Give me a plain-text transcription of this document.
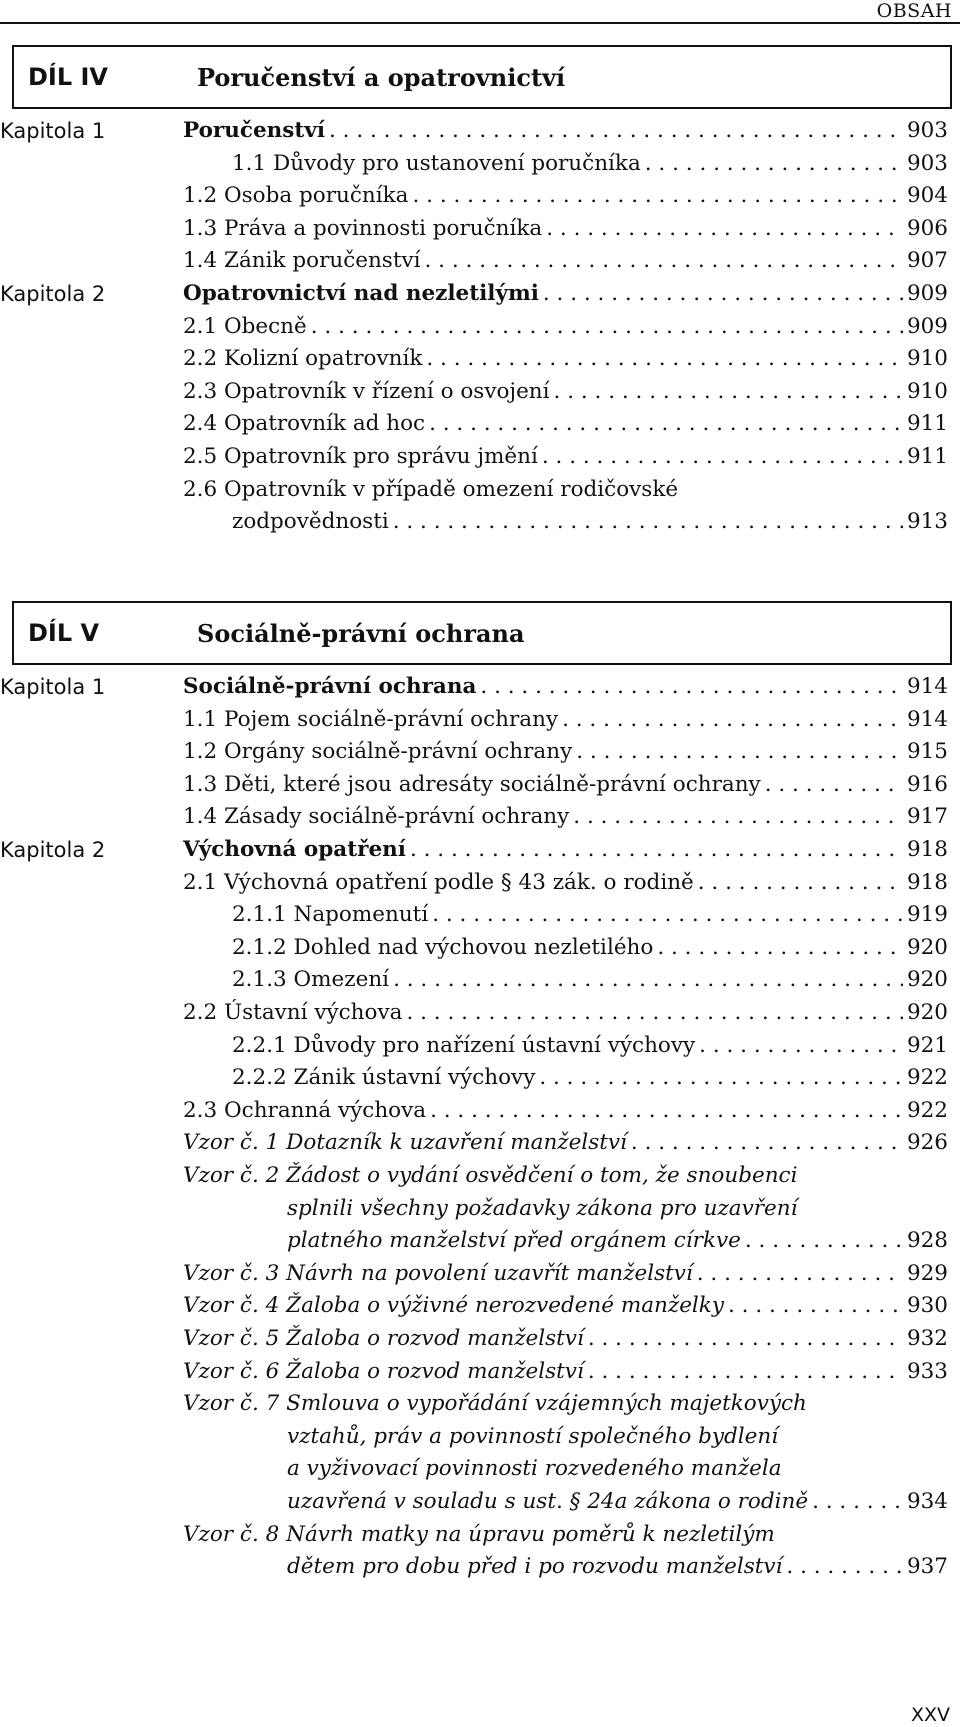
OBSAH
DÍL IV	Poručenství a opatrovnictví
Kapitola 1	Poručenství . . .	903
1.1 Důvody pro ustanovení poručníka . . .	903
1.2 Osoba poručníka . . .	904
1.3 Práva a povinnosti poručníka . . .	906
1.4 Zánik poručenství . . .	907
Kapitola 2	Opatrovnictví nad nezletilými . . .	909
2.1 Obecně . . .	909
2.2 Kolizní opatrovník . . .	910
2.3 Opatrovník v řízení o osvojení . . .	910
2.4 Opatrovník ad hoc . . .	911
2.5 Opatrovník pro správu jmění . . .	911
2.6 Opatrovník v případě omezení rodičovské
zodpovědnosti . . .	913
DÍL V	Sociálně-právní ochrana
Kapitola 1	Sociálně-právní ochrana . . .	914
1.1 Pojem sociálně-právní ochrany . . .	914
1.2 Orgány sociálně-právní ochrany . . .	915
1.3 Děti, které jsou adresáty sociálně-právní ochrany . . .	916
1.4 Zásady sociálně-právní ochrany . . .	917
Kapitola 2	Výchovná opatření . . .	918
2.1 Výchovná opatření podle § 43 zák. o rodině . . .	918
2.1.1 Napomenutí . . .	919
2.1.2 Dohled nad výchovou nezletilého . . .	920
2.1.3 Omezení . . .	920
2.2 Ústavní výchova . . .	920
2.2.1 Důvody pro nařízení ústavní výchovy . . .	921
2.2.2 Zánik ústavní výchovy . . .	922
2.3 Ochranná výchova . . .	922
Vzor č. 1 Dotazník k uzavření manželství . . .	926
Vzor č. 2 Žádost o vydání osvědčení o tom, že snoubenci
splnili všechny požadavky zákona pro uzavření
platného manželství před orgánem církve . . .	928
Vzor č. 3 Návrh na povolení uzavřít manželství . . .	929
Vzor č. 4 Žaloba o výživné nerozvedené manželky . . .	930
Vzor č. 5 Žaloba o rozvod manželství . . .	932
Vzor č. 6 Žaloba o rozvod manželství . . .	933
Vzor č. 7 Smlouva o vypořádání vzájemných majetkových
vztahů, práv a povinností společného bydlení
a vyživovací povinnosti rozvedeného manžela
uzavřená v souladu s ust. § 24a zákona o rodině . . .	934
Vzor č. 8 Návrh matky na úpravu poměrů k nezletilým
dětem pro dobu před i po rozvodu manželství . . .	937
XXV
